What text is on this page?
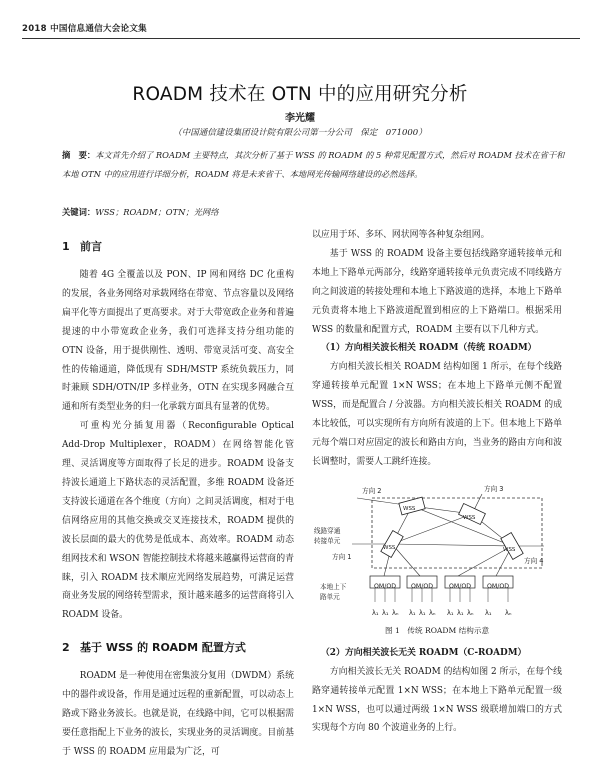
2018 中国信息通信大会论文集
ROADM 技术在 OTN 中的应用研究分析
李光耀
（中国通信建设集团设计院有限公司第一分公司　保定　071000）
摘　要：本文首先介绍了 ROADM 主要特点，其次分析了基于 WSS 的 ROADM 的 5 种常见配置方式，然后对 ROADM 技术在省干和本地 OTN 中的应用进行详细分析，ROADM 将是未来省干、本地网光传输网络建设的必然选择。
关键词：WSS；ROADM；OTN；光网络
1 前言

随着 4G 全覆盖以及 PON、IP 网和网络 DC 化重构的发展，各业务网络对承载网络在带宽、节点容量以及网络扁平化等方面提出了更高要求。对于大带宽政企业务和普遍提速的中小带宽政企业务，我们可选择支持分组功能的 OTN 设备，用于提供刚性、透明、带宽灵活可变、高安全性的传输通道，降低现有 SDH/MSTP 系统负载压力，同时兼顾 SDH/OTN/IP 多样业务，OTN 在实现多网融合互通和所有类型业务的归一化承载方面具有显著的优势。

可重构光分插复用器（Reconfigurable Optical Add-Drop Multiplexer，ROADM）在网络智能化管理、灵活调度等方面取得了长足的进步。ROADM 设备支持波长通道上下路状态的灵活配置，多维 ROADM 设备还支持波长通道在各个维度（方向）之间灵活调度，相对于电信网络应用的其他交换或交叉连接技术，ROADM 提供的波长层面的最大的优势是低成本、高效率。ROADM 动态组网技术和 WSON 智能控制技术将越来越赢得运营商的青睐，引入 ROADM 技术顺应光网络发展趋势，可满足运营商业务发展的网络转型需求，预计越来越多的运营商将引入 ROADM 设备。

2 基于 WSS 的 ROADM 配置方式

ROADM 是一种使用在密集波分复用（DWDM）系统中的器件或设备，作用是通过远程的重新配置，可以动态上路或下路业务波长。也就是说，在线路中间，它可以根据需要任意指配上下业务的波长，实现业务的灵活调度。目前基于 WSS 的 ROADM 应用最为广泛，可

以应用于环、多环、网状网等各种复杂组网。

基于 WSS 的 ROADM 设备主要包括线路穿通转接单元和本地上下路单元两部分，线路穿通转接单元负责完成不同线路方向之间波道的转接处理和本地上下路波道的选择，本地上下路单元负责将本地上下路波道配置到相应的上下路端口。根据采用 WSS 的数量和配置方式，ROADM 主要有以下几种方式。

（1）方向相关波长相关 ROADM（传统 ROADM）

方向相关波长相关 ROADM 结构如图 1 所示，在每个线路穿通转接单元配置 1×N WSS；在本地上下路单元侧不配置 WSS，而是配置合 / 分波器。方向相关波长相关 ROADM 的成本比较低，可以实现所有方向所有波道的上下。但本地上下路单元每个端口对应固定的波长和路由方向，当业务的路由方向和波长调整时，需要人工跳纤连接。

线路穿通
转接单元
方向 2	方向 3
方向 1	方向 4
WSS
WSS
WSS	WSS
本地上下
路单元
OM/OD	OM/OD	OM/OD	OM/OD
λ₁ λ₁ λₙ λ₁ λ₁ λₙ λ₁ λ₁ λₙ λ₁ λₙ
图 1　传统 ROADM 结构示意
（2）方向相关波长无关 ROADM（C-ROADM）

方向相关波长无关 ROADM 的结构如图 2 所示，在每个线路穿通转接单元配置 1×N WSS；在本地上下路单元配置一级 1×N WSS，也可以通过两级 1×N WSS 级联增加端口的方式实现每个方向 80 个波道业务的上行。
